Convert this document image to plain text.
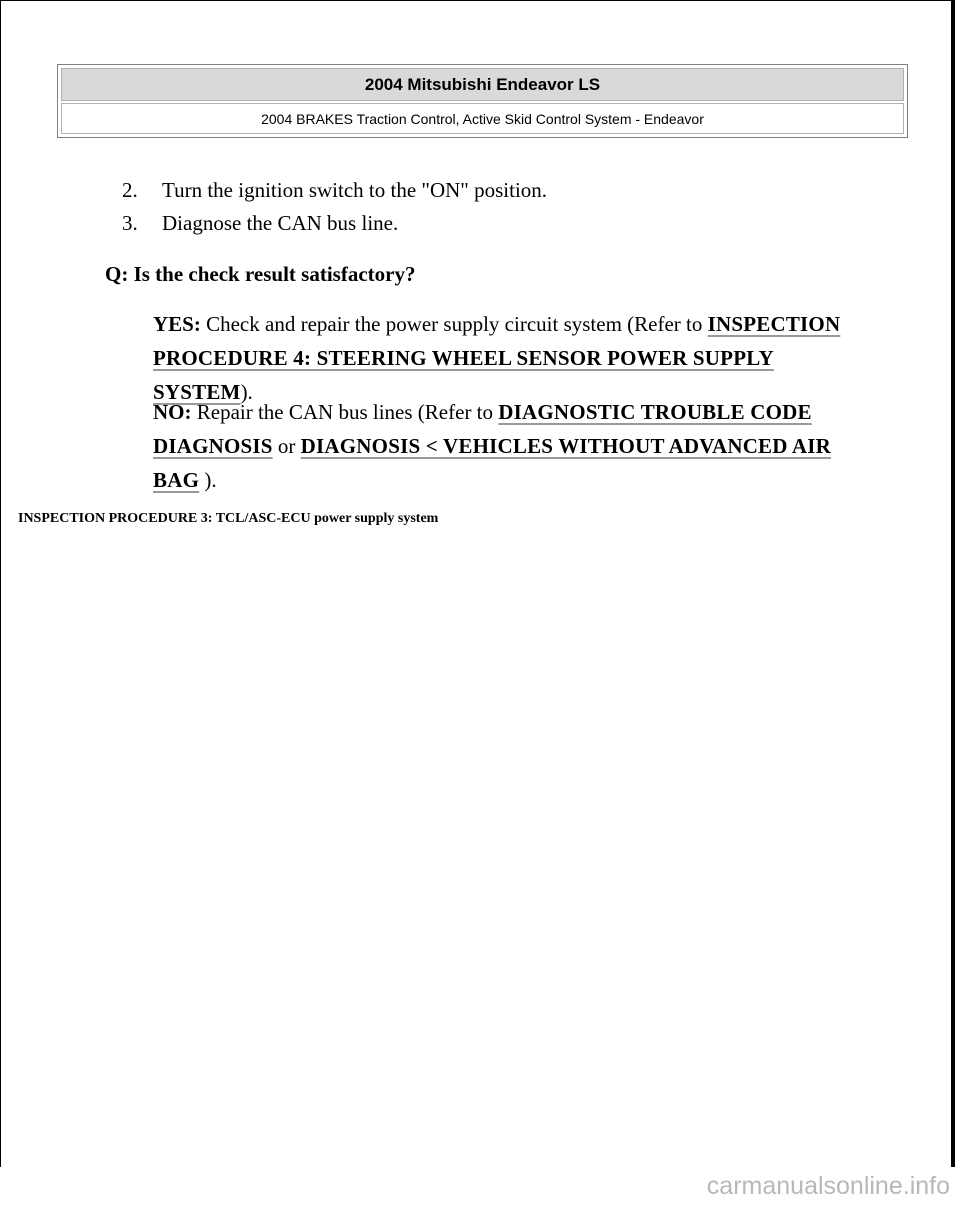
2004 Mitsubishi Endeavor LS
2004 BRAKES Traction Control, Active Skid Control System - Endeavor
2. Turn the ignition switch to the "ON" position.
3. Diagnose the CAN bus line.
Q: Is the check result satisfactory?
YES: Check and repair the power supply circuit system (Refer to INSPECTION PROCEDURE 4: STEERING WHEEL SENSOR POWER SUPPLY SYSTEM).
NO: Repair the CAN bus lines (Refer to DIAGNOSTIC TROUBLE CODE DIAGNOSIS or DIAGNOSIS < VEHICLES WITHOUT ADVANCED AIR BAG ).
INSPECTION PROCEDURE 3: TCL/ASC-ECU power supply system
carmanualsonline.info
